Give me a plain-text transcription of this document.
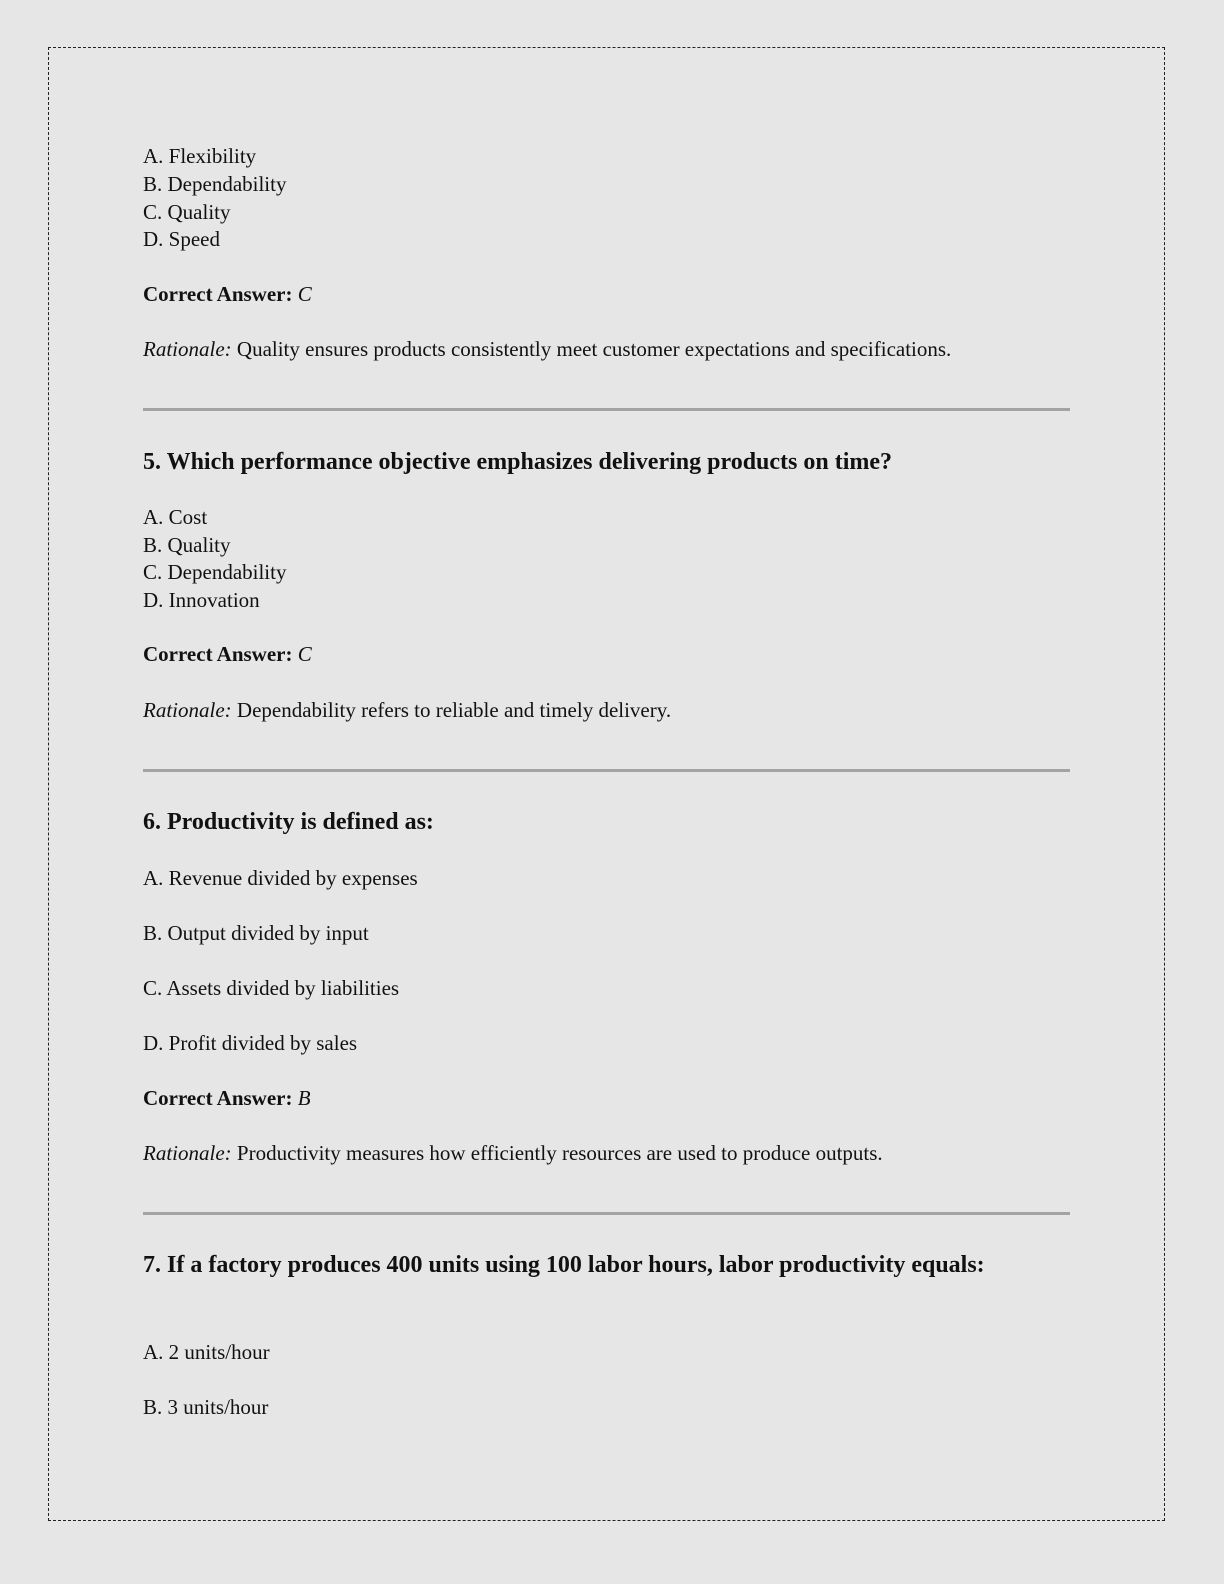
A. Flexibility
B. Dependability
C. Quality
D. Speed
Correct Answer: C
Rationale: Quality ensures products consistently meet customer expectations and specifications.
5. Which performance objective emphasizes delivering products on time?
A. Cost
B. Quality
C. Dependability
D. Innovation
Correct Answer: C
Rationale: Dependability refers to reliable and timely delivery.
6. Productivity is defined as:
A. Revenue divided by expenses
B. Output divided by input
C. Assets divided by liabilities
D. Profit divided by sales
Correct Answer: B
Rationale: Productivity measures how efficiently resources are used to produce outputs.
7. If a factory produces 400 units using 100 labor hours, labor productivity equals:
A. 2 units/hour
B. 3 units/hour
